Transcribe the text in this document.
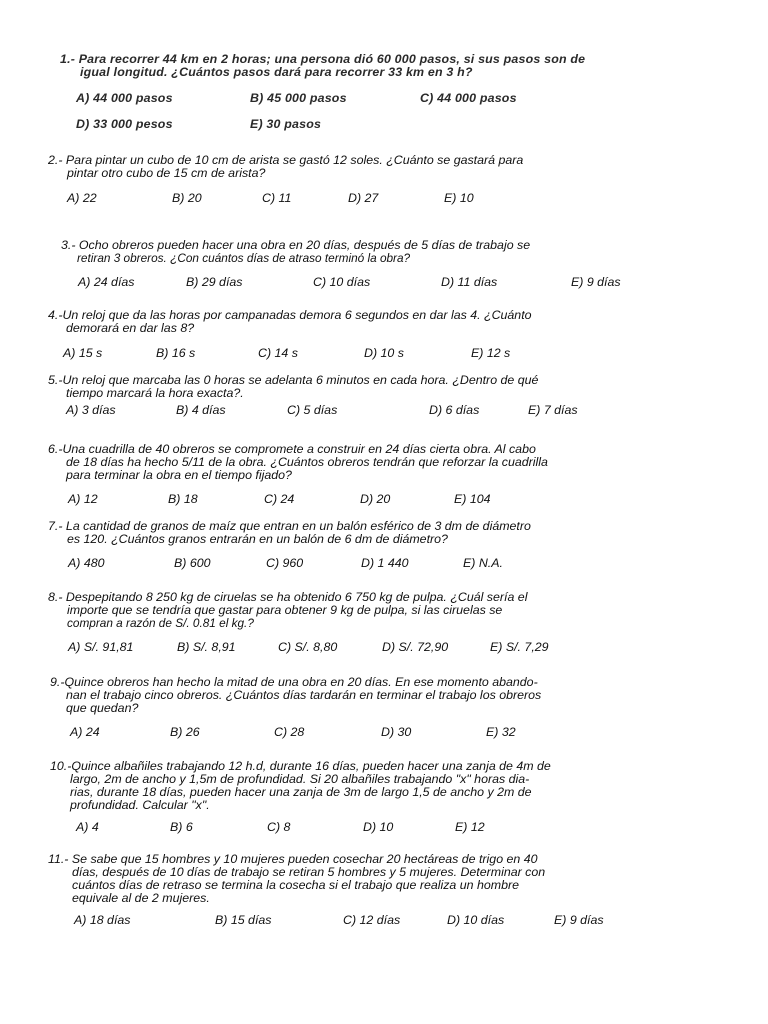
1.- Para recorrer 44 km en 2 horas; una persona dió 60 000 pasos, si sus pasos son de
igual longitud. ¿Cuántos pasos dará para recorrer 33 km en 3 h?
A) 44 000 pasos	B) 45 000 pasos	C) 44 000 pasos
D) 33 000 pesos	E) 30 pasos
2.- Para pintar un cubo de 10 cm de arista se gastó 12 soles. ¿Cuánto se gastará para
pintar otro cubo de 15 cm de arista?
A) 22	B) 20	C) 11	D) 27	E) 10
3.- Ocho obreros pueden hacer una obra en 20 días, después de 5 días de trabajo se
retiran 3 obreros. ¿Con cuántos días de atraso terminó la obra?
A) 24 días	B) 29 días	C) 10 días	D) 11 días	E) 9 días
4.-Un reloj que da las horas por campanadas demora 6 segundos en dar las 4. ¿Cuánto
demorará en dar las 8?
A) 15 s	B) 16 s	C) 14 s	D) 10 s	E) 12 s
5.-Un reloj que marcaba las 0 horas se adelanta 6 minutos en cada hora. ¿Dentro de qué
tiempo marcará la hora exacta?.
A) 3 días	B) 4 días	C) 5 días	D) 6 días	E) 7 días
6.-Una cuadrilla de 40 obreros se compromete a construir en 24 días cierta obra. Al cabo
de 18 días ha hecho 5/11 de la obra. ¿Cuántos obreros tendrán que reforzar la cuadrilla
para terminar la obra en el tiempo fijado?
A) 12	B) 18	C) 24	D) 20	E) 104
7.- La cantidad de granos de maíz que entran en un balón esférico de 3 dm de diámetro
es 120. ¿Cuántos granos entrarán en un balón de 6 dm de diámetro?
A) 480	B) 600	C) 960	D) 1 440	E) N.A.
8.- Despepitando 8 250 kg de ciruelas se ha obtenido 6 750 kg de pulpa. ¿Cuál sería el
importe que se tendría que gastar para obtener 9 kg de pulpa, si las ciruelas se
compran a razón de S/. 0.81 el kg.?
A) S/. 91,81	B) S/. 8,91	C) S/. 8,80	D) S/. 72,90	E) S/. 7,29
9.-Quince obreros han hecho la mitad de una obra en 20 días. En ese momento abando-
nan el trabajo cinco obreros. ¿Cuántos días tardarán en terminar el trabajo los obreros
que quedan?
A) 24	B) 26	C) 28	D) 30	E) 32
10.-Quince albañiles trabajando 12 h.d, durante 16 días, pueden hacer una zanja de 4m de
largo, 2m de ancho y 1,5m de profundidad. Si 20 albañiles trabajando "x" horas dia-
rias, durante 18 días, pueden hacer una zanja de 3m de largo 1,5 de ancho y 2m de
profundidad. Calcular "x".
A) 4	B) 6	C) 8	D) 10	E) 12
11.- Se sabe que 15 hombres y 10 mujeres pueden cosechar 20 hectáreas de trigo en 40
días, después de 10 días de trabajo se retiran 5 hombres y 5 mujeres. Determinar con
cuántos días de retraso se termina la cosecha si el trabajo que realiza un hombre
equivale al de 2 mujeres.
A) 18 días	B) 15 días	C) 12 días	D) 10 días	E) 9 días
